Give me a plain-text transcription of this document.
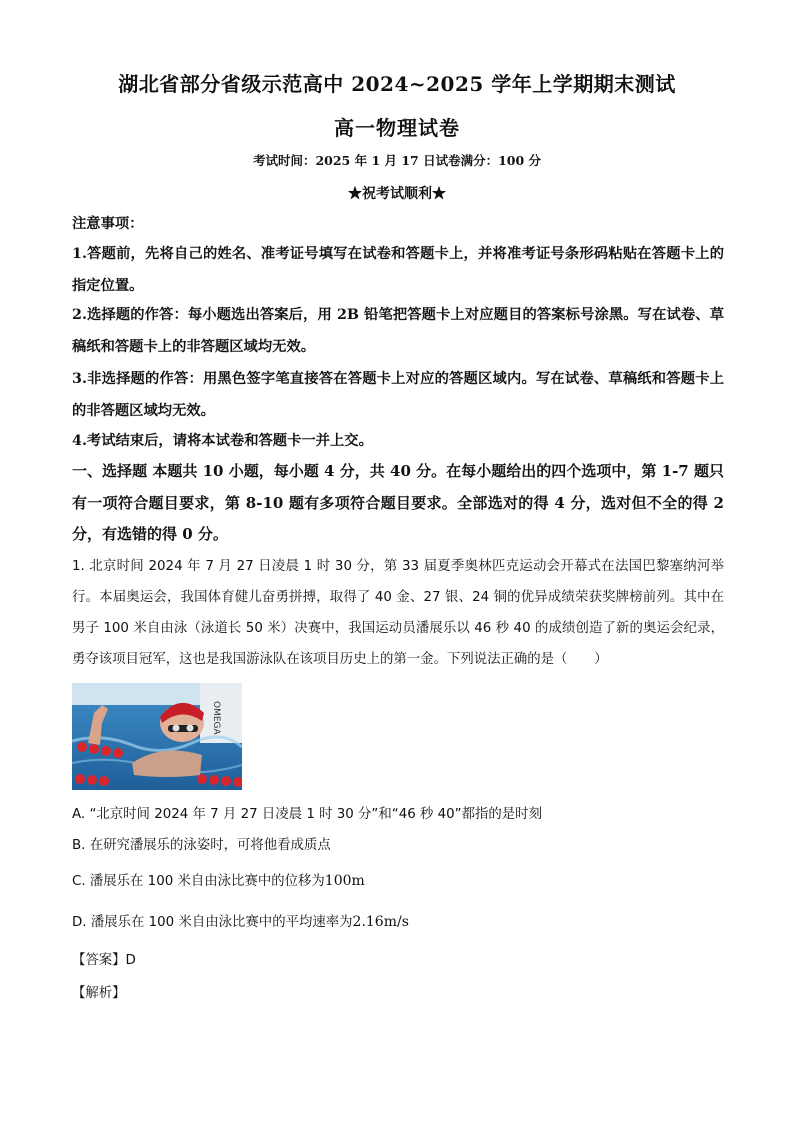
湖北省部分省级示范高中 2024~2025 学年上学期期末测试
高一物理试卷
考试时间：2025 年 1 月 17 日试卷满分：100 分
★祝考试顺利★
注意事项：
1.答题前，先将自己的姓名、准考证号填写在试卷和答题卡上，并将准考证号条形码粘贴在答题卡上的指定位置。
2.选择题的作答：每小题选出答案后，用 2B 铅笔把答题卡上对应题目的答案标号涂黑。写在试卷、草稿纸和答题卡上的非答题区域均无效。
3.非选择题的作答：用黑色签字笔直接答在答题卡上对应的答题区域内。写在试卷、草稿纸和答题卡上的非答题区域均无效。
4.考试结束后，请将本试卷和答题卡一并上交。
一、选择题 本题共 10 小题，每小题 4 分，共 40 分。在每小题给出的四个选项中，第 1-7 题只有一项符合题目要求，第 8-10 题有多项符合题目要求。全部选对的得 4 分，选对但不全的得 2 分，有选错的得 0 分。
1. 北京时间 2024 年 7 月 27 日凌晨 1 时 30 分，第 33 届夏季奥林匹克运动会开幕式在法国巴黎塞纳河举行。本届奥运会，我国体育健儿奋勇拼搏，取得了 40 金、27 银、24 铜的优异成绩荣获奖牌榜前列。其中在男子 100 米自由泳（泳道长 50 米）决赛中，我国运动员潘展乐以 46 秒 40 的成绩创造了新的奥运会纪录，勇夺该项目冠军，这也是我国游泳队在该项目历史上的第一金。下列说法正确的是（　　）
OMEGA
A. “北京时间 2024 年 7 月 27 日凌晨 1 时 30 分”和“46 秒 40”都指的是时刻
B. 在研究潘展乐的泳姿时，可将他看成质点
C. 潘展乐在 100 米自由泳比赛中的位移为100m
D. 潘展乐在 100 米自由泳比赛中的平均速率为2.16m/s
【答案】D
【解析】
